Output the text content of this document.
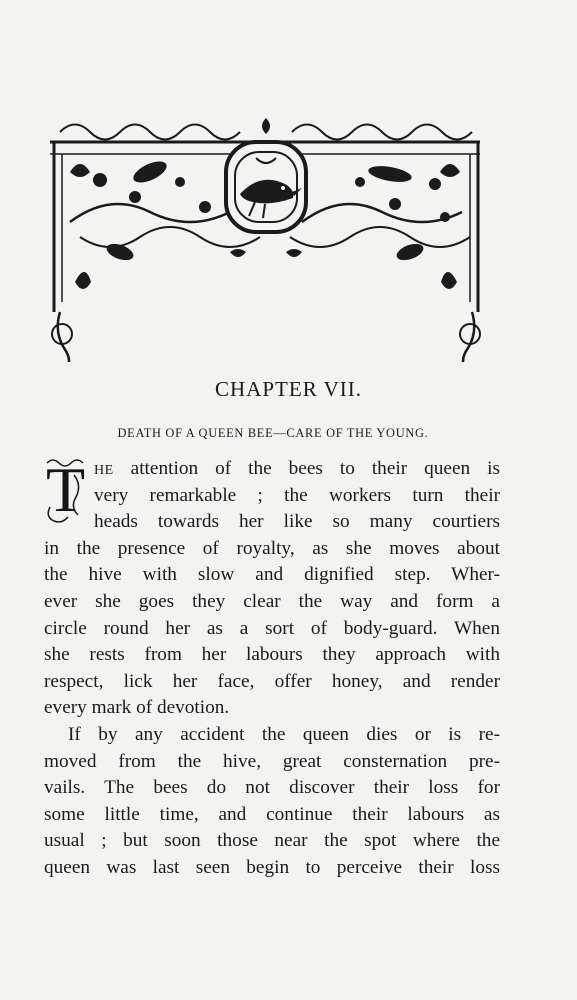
CHAPTER VII.

DEATH OF A QUEEN BEE—CARE OF THE YOUNG.

T HE attention of the bees to their queen is
very remarkable ; the workers turn their
heads towards her like so many courtiers
in the presence of royalty, as she moves about
the hive with slow and dignified step. Wher-
ever she goes they clear the way and form a
circle round her as a sort of body-guard. When
she rests from her labours they approach with
respect, lick her face, offer honey, and render
every mark of devotion.
If by any accident the queen dies or is re-
moved from the hive, great consternation pre-
vails. The bees do not discover their loss for
some little time, and continue their labours as
usual ; but soon those near the spot where the
queen was last seen begin to perceive their loss
